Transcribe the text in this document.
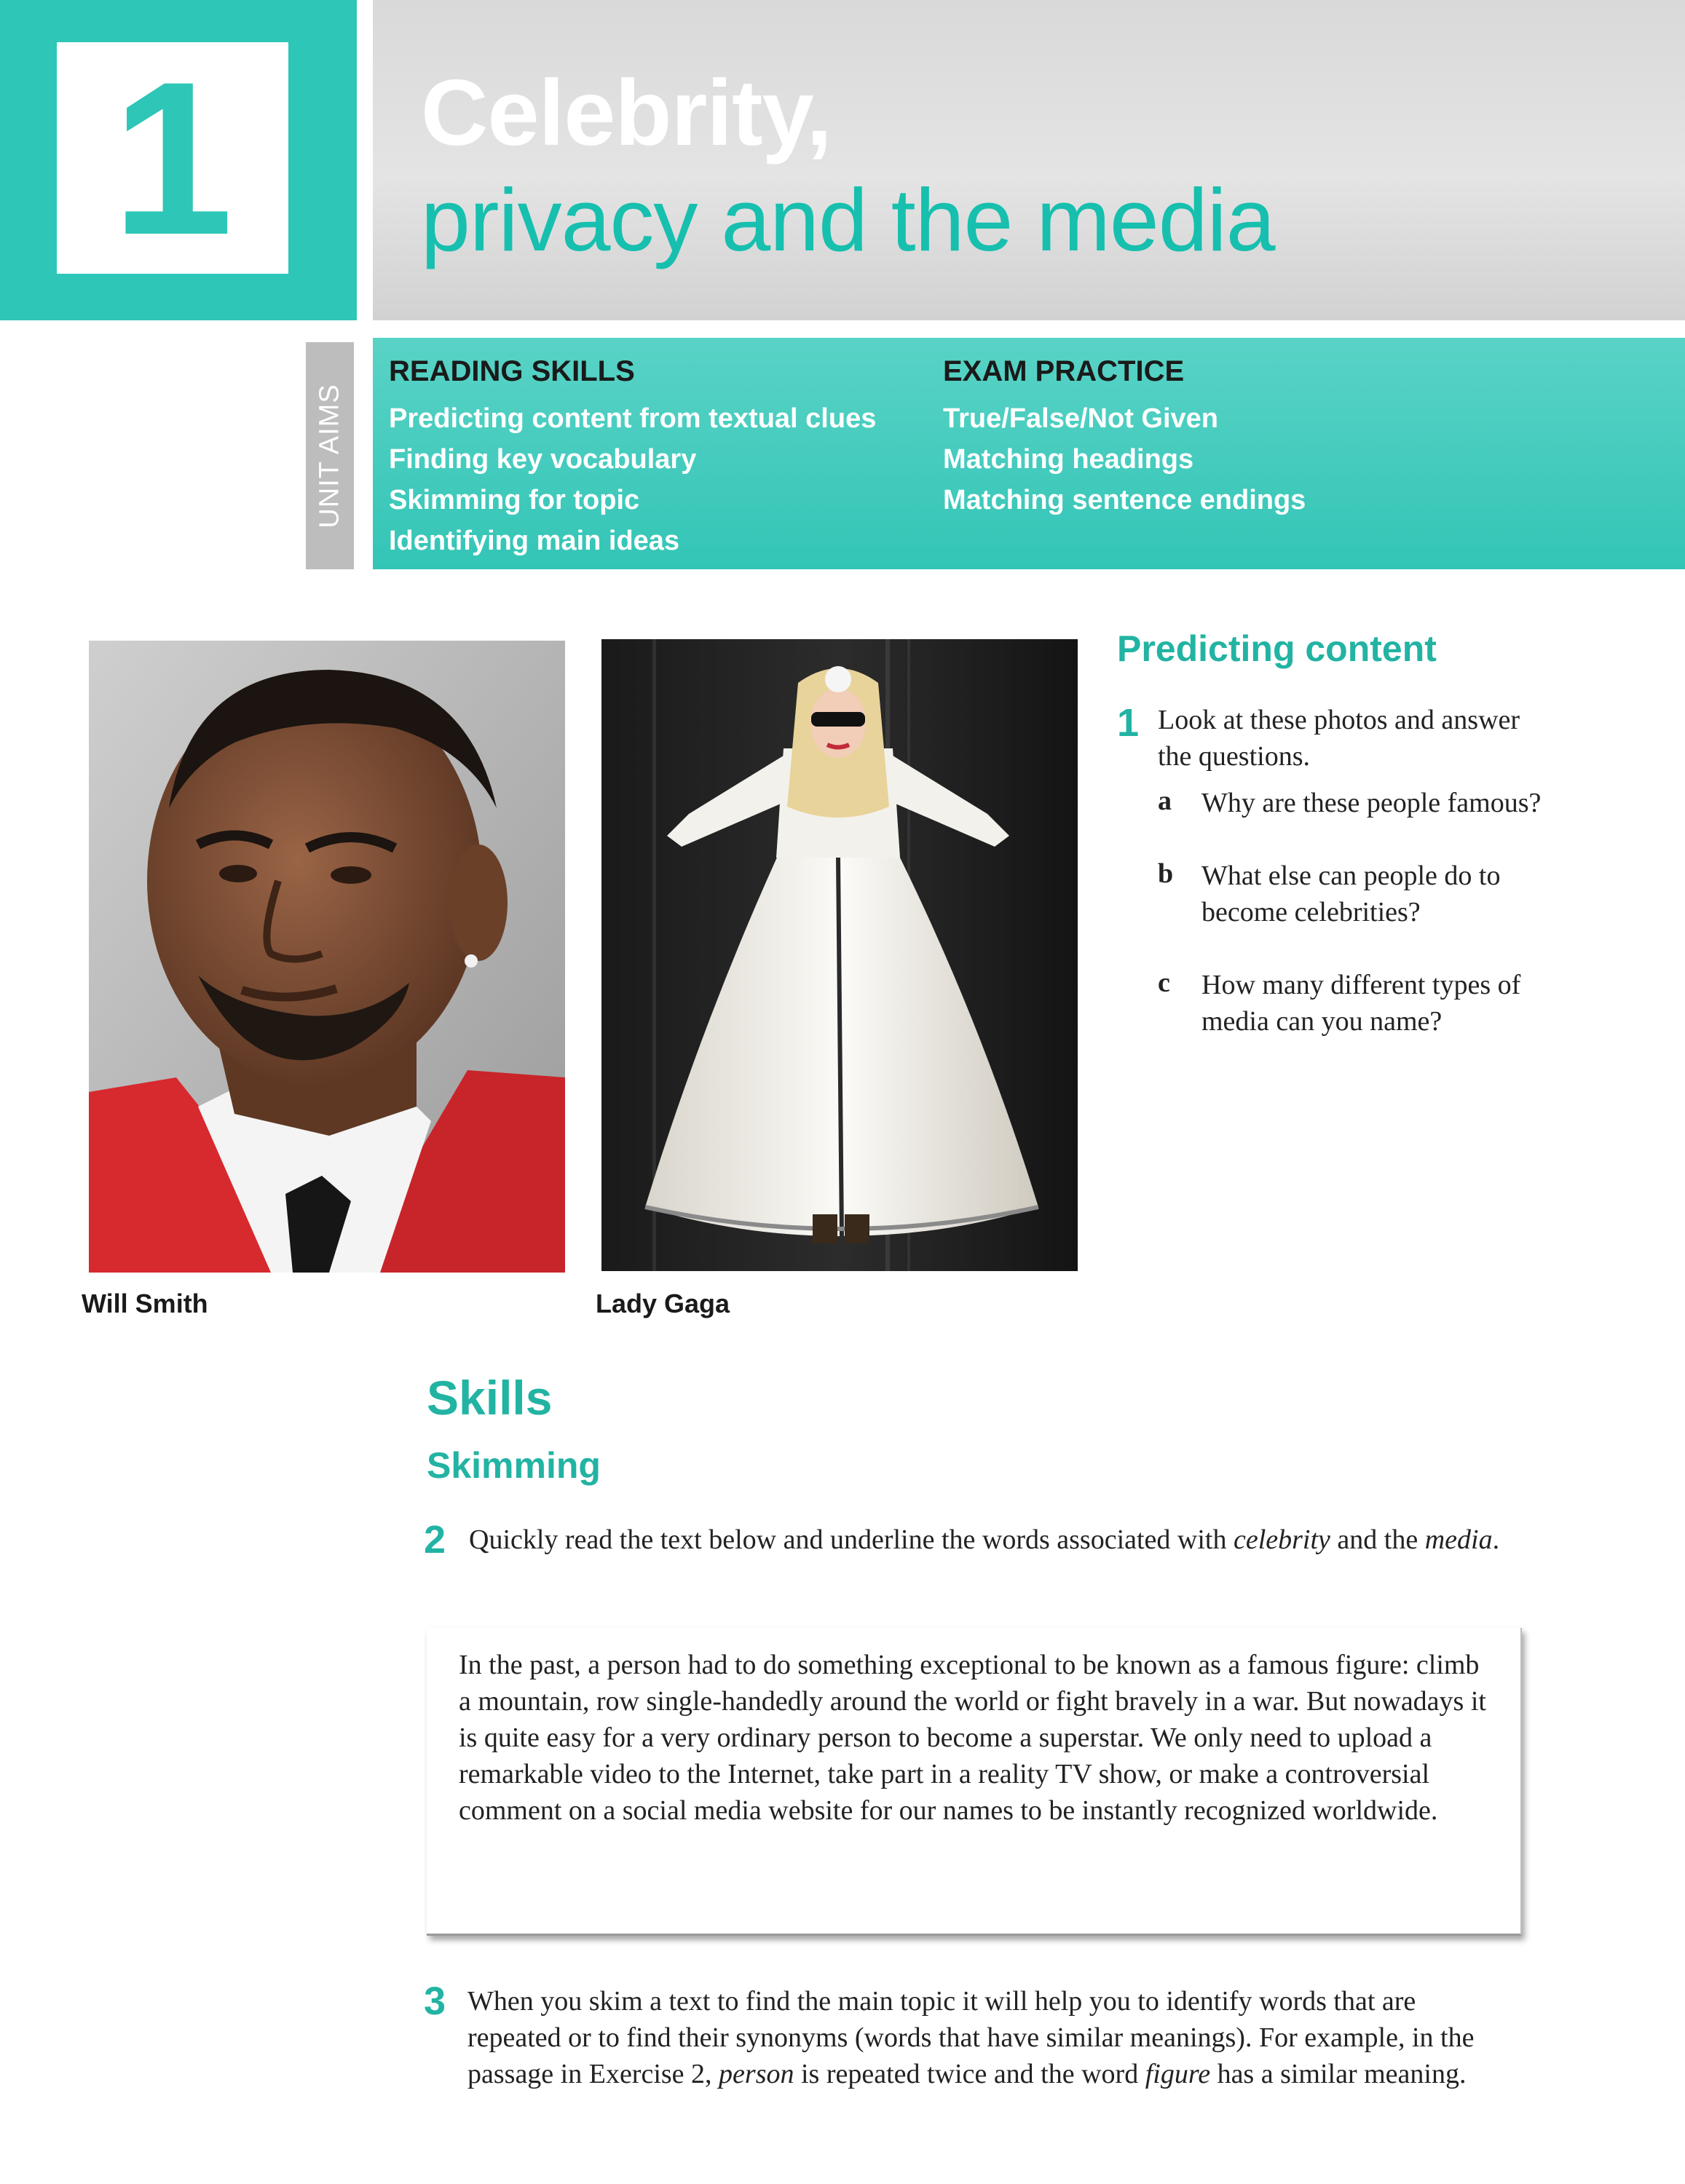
1 Celebrity,
privacy and the media
UNIT AIMS
READING SKILLS
Predicting content from textual clues
Finding key vocabulary
Skimming for topic
Identifying main ideas
EXAM PRACTICE
True/False/Not Given
Matching headings
Matching sentence endings
Will Smith	Lady Gaga
Predicting content
1 Look at these photos and answer the questions.
a Why are these people famous?
b What else can people do to become celebrities?
c How many different types of media can you name?
Skills
Skimming
2 Quickly read the text below and underline the words associated with celebrity and the media.
In the past, a person had to do something exceptional to be known as a famous figure: climb a mountain, row single-handedly around the world or fight bravely in a war. But nowadays it is quite easy for a very ordinary person to become a superstar. We only need to upload a remarkable video to the Internet, take part in a reality TV show, or make a controversial comment on a social media website for our names to be instantly recognized worldwide.
3 When you skim a text to find the main topic it will help you to identify words that are repeated or to find their synonyms (words that have similar meanings). For example, in the passage in Exercise 2, person is repeated twice and the word figure has a similar meaning.
